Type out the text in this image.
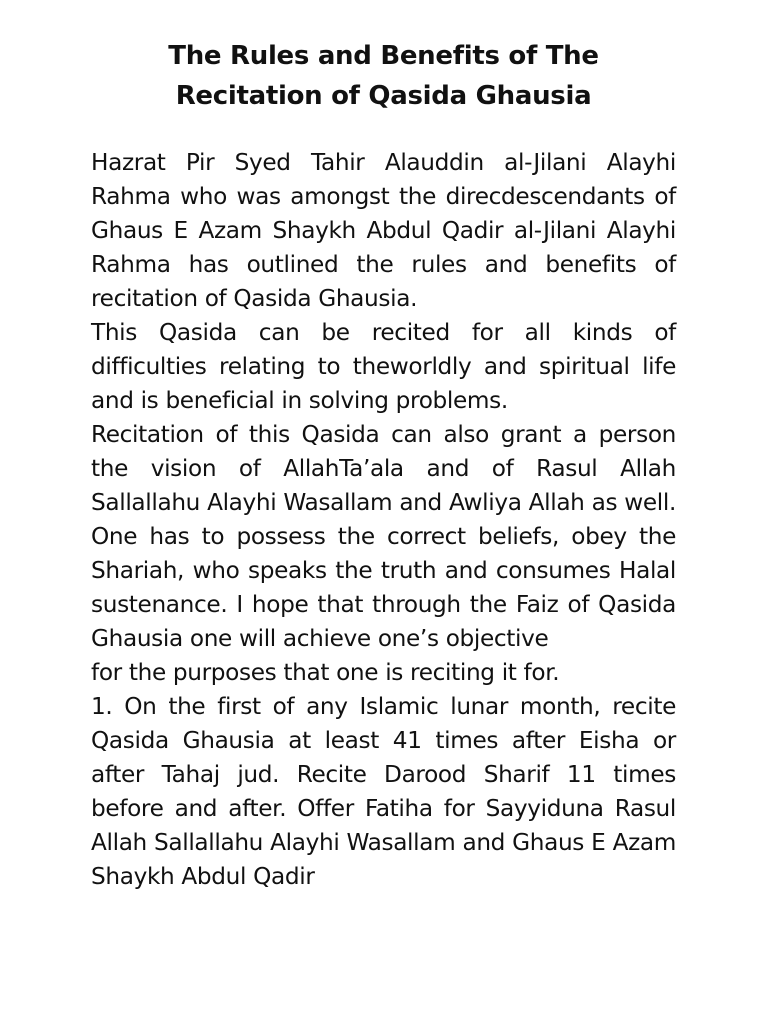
The Rules and Benefits of The
Recitation of Qasida Ghausia

Hazrat Pir Syed Tahir Alauddin al-Jilani Alayhi Rahma who was amongst the direcdescendants of Ghaus E Azam Shaykh Abdul Qadir al-Jilani Alayhi Rahma has outlined the rules and benefits of recitation of Qasida Ghausia.

This Qasida can be recited for all kinds of difficulties relating to theworldly and spiritual life and is beneficial in solving problems.

Recitation of this Qasida can also grant a person the vision of AllahTa’ala and of Rasul Allah Sallallahu Alayhi Wasallam and Awliya Allah as well. One has to possess the correct beliefs, obey the Shariah, who speaks the truth and consumes Halal sustenance. I hope that through the Faiz of Qasida Ghausia one will achieve one’s objective

for the purposes that one is reciting it for.

1. On the first of any Islamic lunar month, recite Qasida Ghausia at least 41 times after Eisha or after Tahaj jud. Recite Darood Sharif 11 times before and after. Offer Fatiha for Sayyiduna Rasul Allah Sallallahu Alayhi Wasallam and Ghaus E Azam Shaykh Abdul Qadir
